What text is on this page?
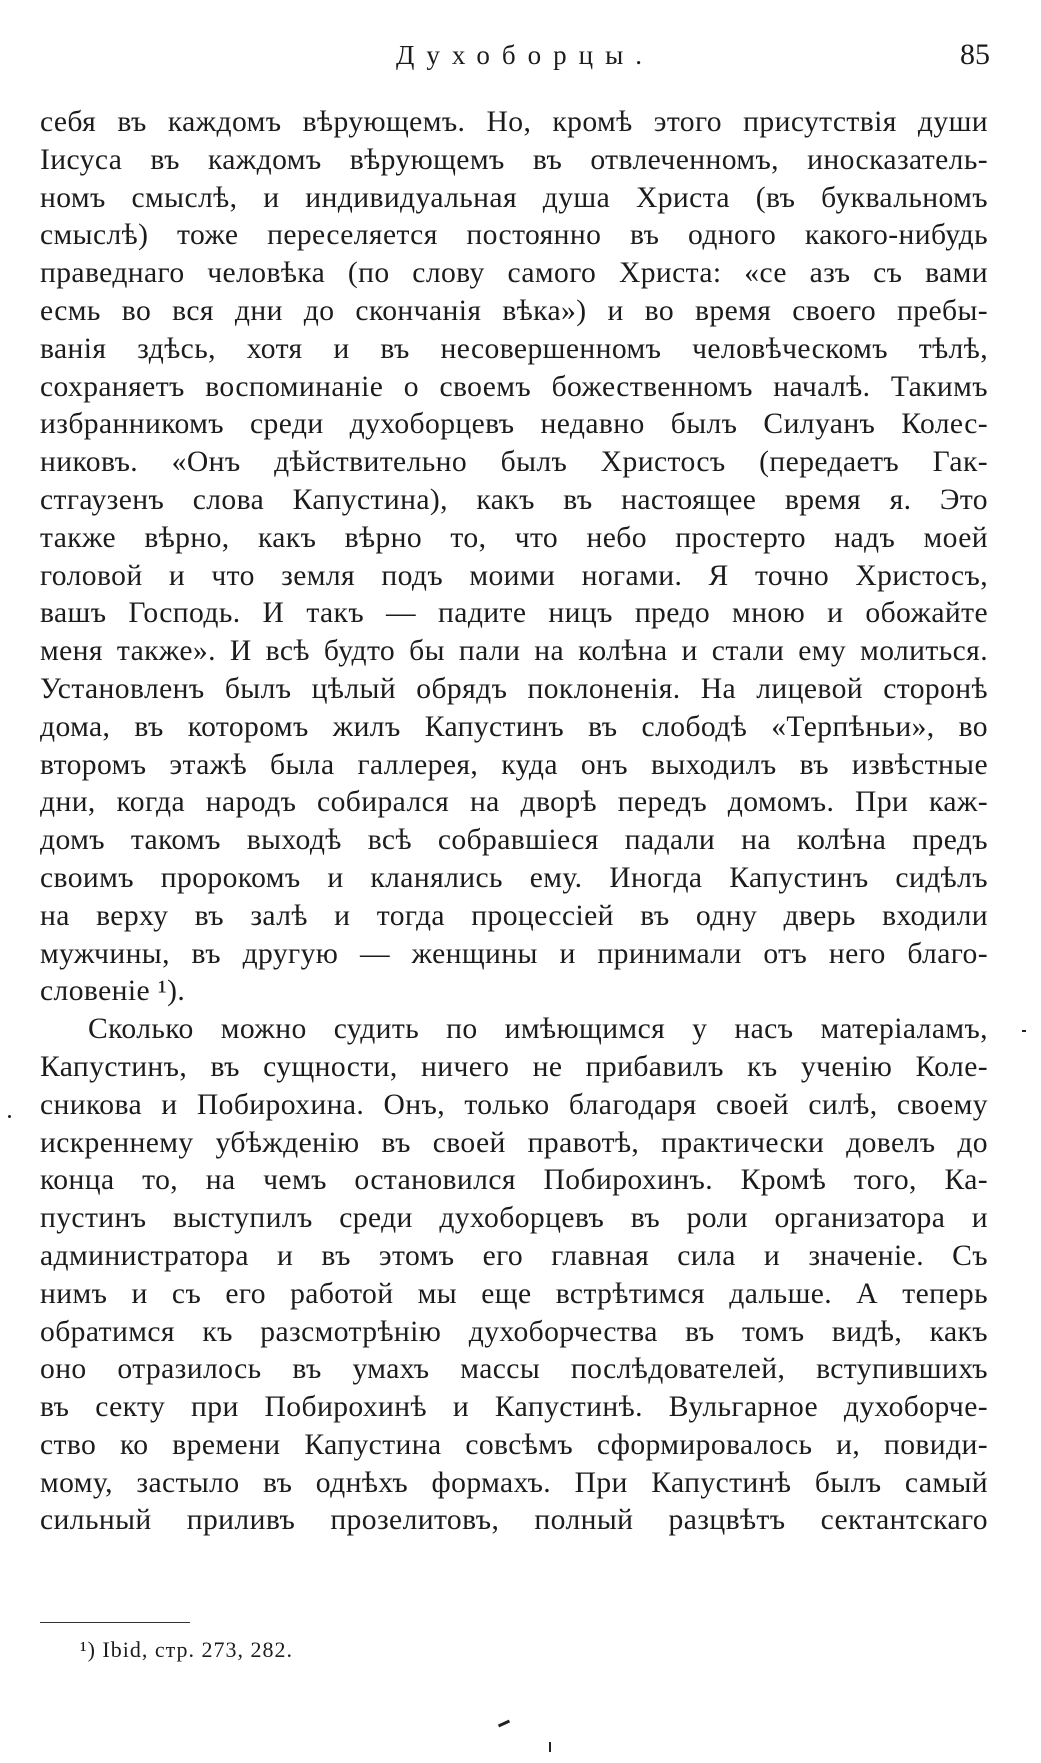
Духоборцы.	85
себя въ каждомъ вѣрующемъ. Но, кромѣ этого присутствія души
Іисуса въ каждомъ вѣрующемъ въ отвлеченномъ, иносказатель-
номъ смыслѣ, и индивидуальная душа Христа (въ буквальномъ
смыслѣ) тоже переселяется постоянно въ одного какого-нибудь
праведнаго человѣка (по слову самого Христа: «се азъ съ вами
есмь во вся дни до скончанія вѣка») и во время своего пребы-
ванія здѣсь, хотя и въ несовершенномъ человѣческомъ тѣлѣ,
сохраняетъ воспоминаніе о своемъ божественномъ началѣ. Такимъ
избранникомъ среди духоборцевъ недавно былъ Силуанъ Колес-
никовъ. «Онъ дѣйствительно былъ Христосъ (передаетъ Гак-
стгаузенъ слова Капустина), какъ въ настоящее время я. Это
также вѣрно, какъ вѣрно то, что небо простерто надъ моей
головой и что земля подъ моими ногами. Я точно Христосъ,
вашъ Господь. И такъ — падите ницъ предо мною и обожайте
меня также». И всѣ будто бы пали на колѣна и стали ему молиться.
Установленъ былъ цѣлый обрядъ поклоненія. На лицевой сторонѣ
дома, въ которомъ жилъ Капустинъ въ слободѣ «Терпѣньи», во
второмъ этажѣ была галлерея, куда онъ выходилъ въ извѣстные
дни, когда народъ собирался на дворѣ передъ домомъ. При каж-
домъ такомъ выходѣ всѣ собравшіеся падали на колѣна предъ
своимъ пророкомъ и кланялись ему. Иногда Капустинъ сидѣлъ
на верху въ залѣ и тогда процессіей въ одну дверь входили
мужчины, въ другую — женщины и принимали отъ него благо-
словеніе ¹).
Сколько можно судить по имѣющимся у насъ матеріаламъ,
Капустинъ, въ сущности, ничего не прибавилъ къ ученію Коле-
сникова и Побирохина. Онъ, только благодаря своей силѣ, своему
искреннему убѣжденію въ своей правотѣ, практически довелъ до
конца то, на чемъ остановился Побирохинъ. Кромѣ того, Ка-
пустинъ выступилъ среди духоборцевъ въ роли организатора и
администратора и въ этомъ его главная сила и значеніе. Съ
нимъ и съ его работой мы еще встрѣтимся дальше. А теперь
обратимся къ разсмотрѣнію духоборчества въ томъ видѣ, какъ
оно отразилось въ умахъ массы послѣдователей, вступившихъ
въ секту при Побирохинѣ и Капустинѣ. Вульгарное духоборче-
ство ко времени Капустина совсѣмъ сформировалось и, повиди-
мому, застыло въ однѣхъ формахъ. При Капустинѣ былъ самый
сильный приливъ прозелитовъ, полный разцвѣтъ сектантскаго
¹) Ibid, стр. 273, 282.
